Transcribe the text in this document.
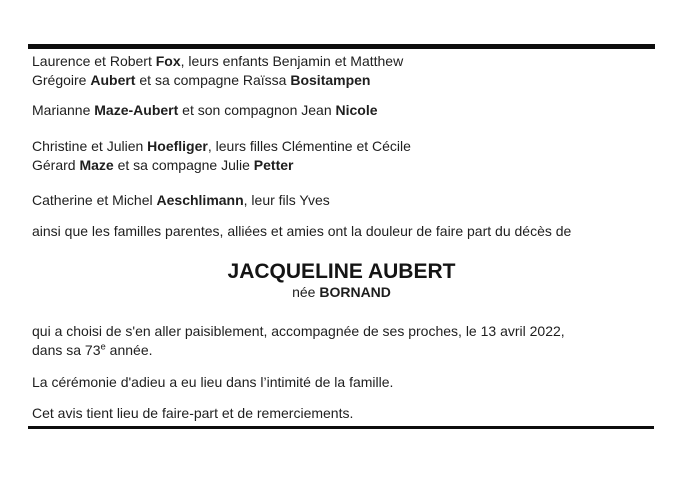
Laurence et Robert Fox, leurs enfants Benjamin et Matthew

Grégoire Aubert et sa compagne Raïssa Bositampen

Marianne Maze-Aubert et son compagnon Jean Nicole

Christine et Julien Hoefliger, leurs filles Clémentine et Cécile

Gérard Maze et sa compagne Julie Petter

Catherine et Michel Aeschlimann, leur fils Yves

ainsi que les familles parentes, alliées et amies ont la douleur de faire part du décès de

JACQUELINE AUBERT

née BORNAND

qui a choisi de s'en aller paisiblement, accompagnée de ses proches, le 13 avril 2022,

dans sa 73e année.

La cérémonie d'adieu a eu lieu dans l’intimité de la famille.

Cet avis tient lieu de faire-part et de remerciements.
